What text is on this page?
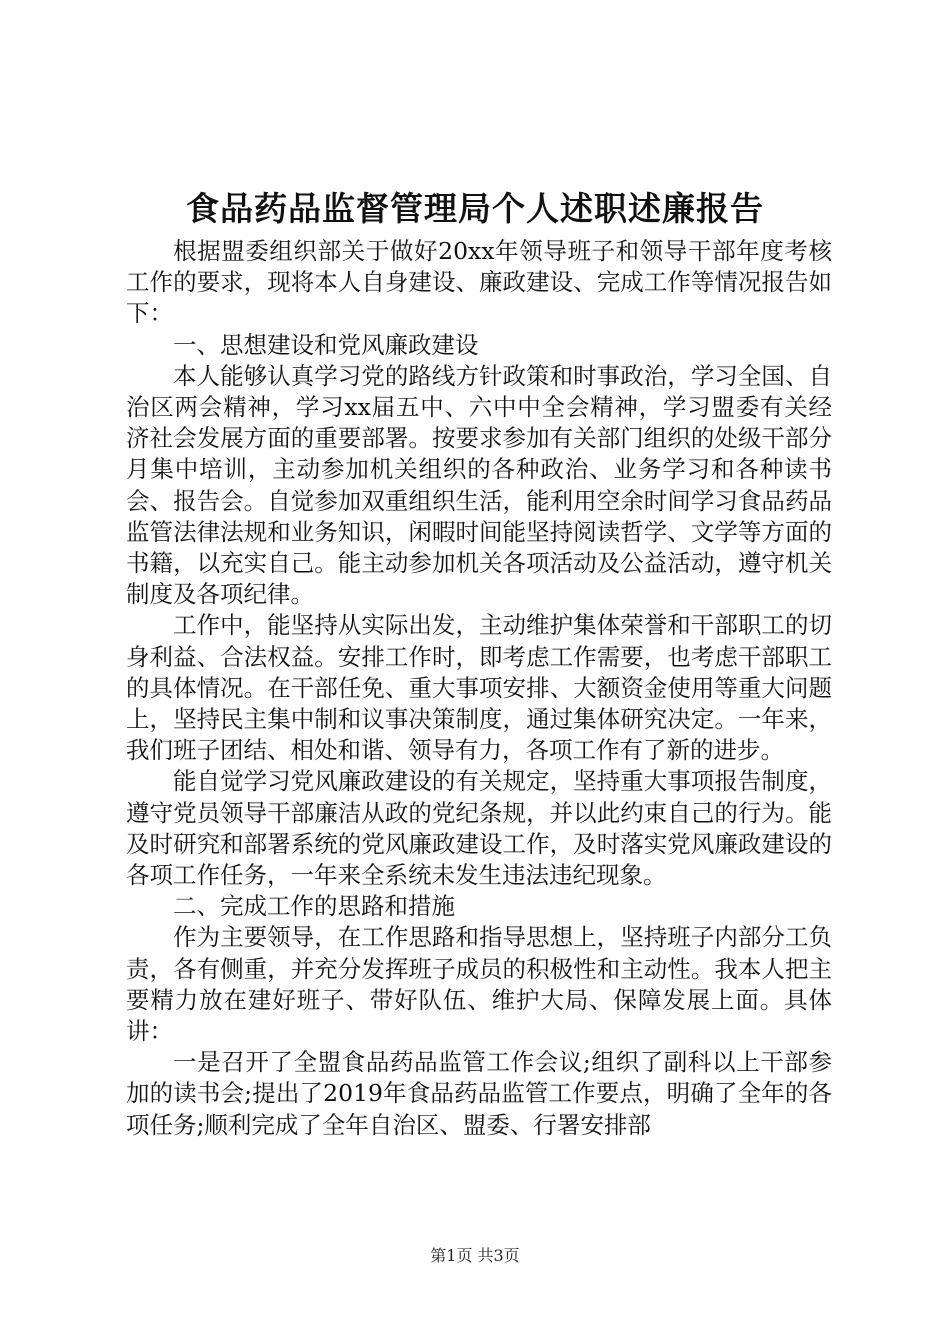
食品药品监督管理局个人述职述廉报告

根据盟委组织部关于做好20xx年领导班子和领导干部年度考核工作的要求，现将本人自身建设、廉政建设、完成工作等情况报告如下：

一、思想建设和党风廉政建设

本人能够认真学习党的路线方针政策和时事政治，学习全国、自治区两会精神，学习xx届五中、六中中全会精神，学习盟委有关经济社会发展方面的重要部署。按要求参加有关部门组织的处级干部分月集中培训，主动参加机关组织的各种政治、业务学习和各种读书会、报告会。自觉参加双重组织生活，能利用空余时间学习食品药品监管法律法规和业务知识，闲暇时间能坚持阅读哲学、文学等方面的书籍，以充实自己。能主动参加机关各项活动及公益活动，遵守机关制度及各项纪律。

工作中，能坚持从实际出发，主动维护集体荣誉和干部职工的切身利益、合法权益。安排工作时，即考虑工作需要，也考虑干部职工的具体情况。在干部任免、重大事项安排、大额资金使用等重大问题上，坚持民主集中制和议事决策制度，通过集体研究决定。一年来，我们班子团结、相处和谐、领导有力，各项工作有了新的进步。

能自觉学习党风廉政建设的有关规定，坚持重大事项报告制度，遵守党员领导干部廉洁从政的党纪条规，并以此约束自己的行为。能及时研究和部署系统的党风廉政建设工作，及时落实党风廉政建设的各项工作任务，一年来全系统未发生违法违纪现象。

二、完成工作的思路和措施

作为主要领导，在工作思路和指导思想上，坚持班子内部分工负责，各有侧重，并充分发挥班子成员的积极性和主动性。我本人把主要精力放在建好班子、带好队伍、维护大局、保障发展上面。具体讲：

一是召开了全盟食品药品监管工作会议;组织了副科以上干部参加的读书会;提出了2019年食品药品监管工作要点，明确了全年的各项任务;顺利完成了全年自治区、盟委、行署安排部

第1页 共3页
